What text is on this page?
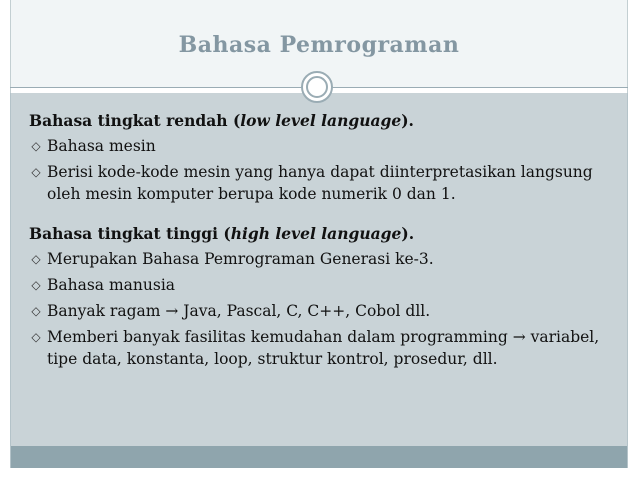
Bahasa Pemrograman

Bahasa tingkat rendah (low level language).

◇ Bahasa mesin
◇ Berisi kode-kode mesin yang hanya dapat diinterpretasikan langsung oleh mesin komputer berupa kode numerik 0 dan 1.

Bahasa tingkat tinggi (high level language).

◇ Merupakan Bahasa Pemrograman Generasi ke-3.
◇ Bahasa manusia
◇ Banyak ragam → Java, Pascal, C, C++, Cobol dll.
◇ Memberi banyak fasilitas kemudahan dalam programming → variabel, tipe data, konstanta, loop, struktur kontrol, prosedur, dll.
